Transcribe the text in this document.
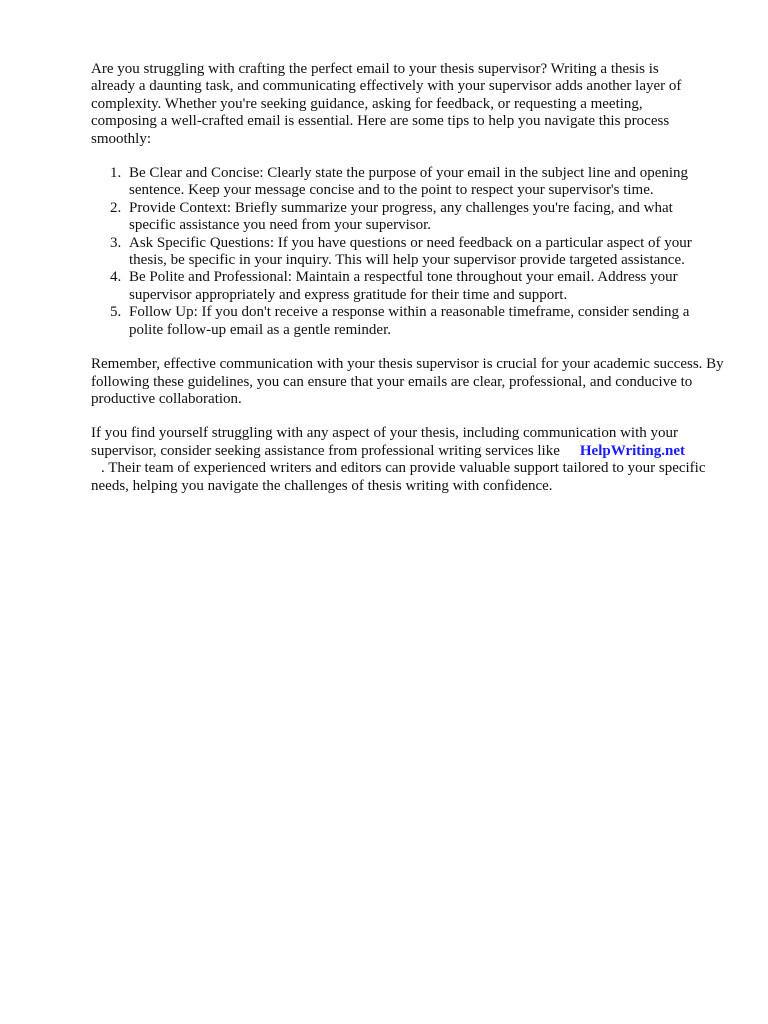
Are you struggling with crafting the perfect email to your thesis supervisor? Writing a thesis is already a daunting task, and communicating effectively with your supervisor adds another layer of complexity. Whether you're seeking guidance, asking for feedback, or requesting a meeting, composing a well-crafted email is essential. Here are some tips to help you navigate this process smoothly:

1. Be Clear and Concise: Clearly state the purpose of your email in the subject line and opening sentence. Keep your message concise and to the point to respect your supervisor's time.
2. Provide Context: Briefly summarize your progress, any challenges you're facing, and what specific assistance you need from your supervisor.
3. Ask Specific Questions: If you have questions or need feedback on a particular aspect of your thesis, be specific in your inquiry. This will help your supervisor provide targeted assistance.
4. Be Polite and Professional: Maintain a respectful tone throughout your email. Address your supervisor appropriately and express gratitude for their time and support.
5. Follow Up: If you don't receive a response within a reasonable timeframe, consider sending a polite follow-up email as a gentle reminder.

Remember, effective communication with your thesis supervisor is crucial for your academic success. By following these guidelines, you can ensure that your emails are clear, professional, and conducive to productive collaboration.

If you find yourself struggling with any aspect of your thesis, including communication with your supervisor, consider seeking assistance from professional writing services like HelpWriting.net
. Their team of experienced writers and editors can provide valuable support tailored to your specific needs, helping you navigate the challenges of thesis writing with confidence.
